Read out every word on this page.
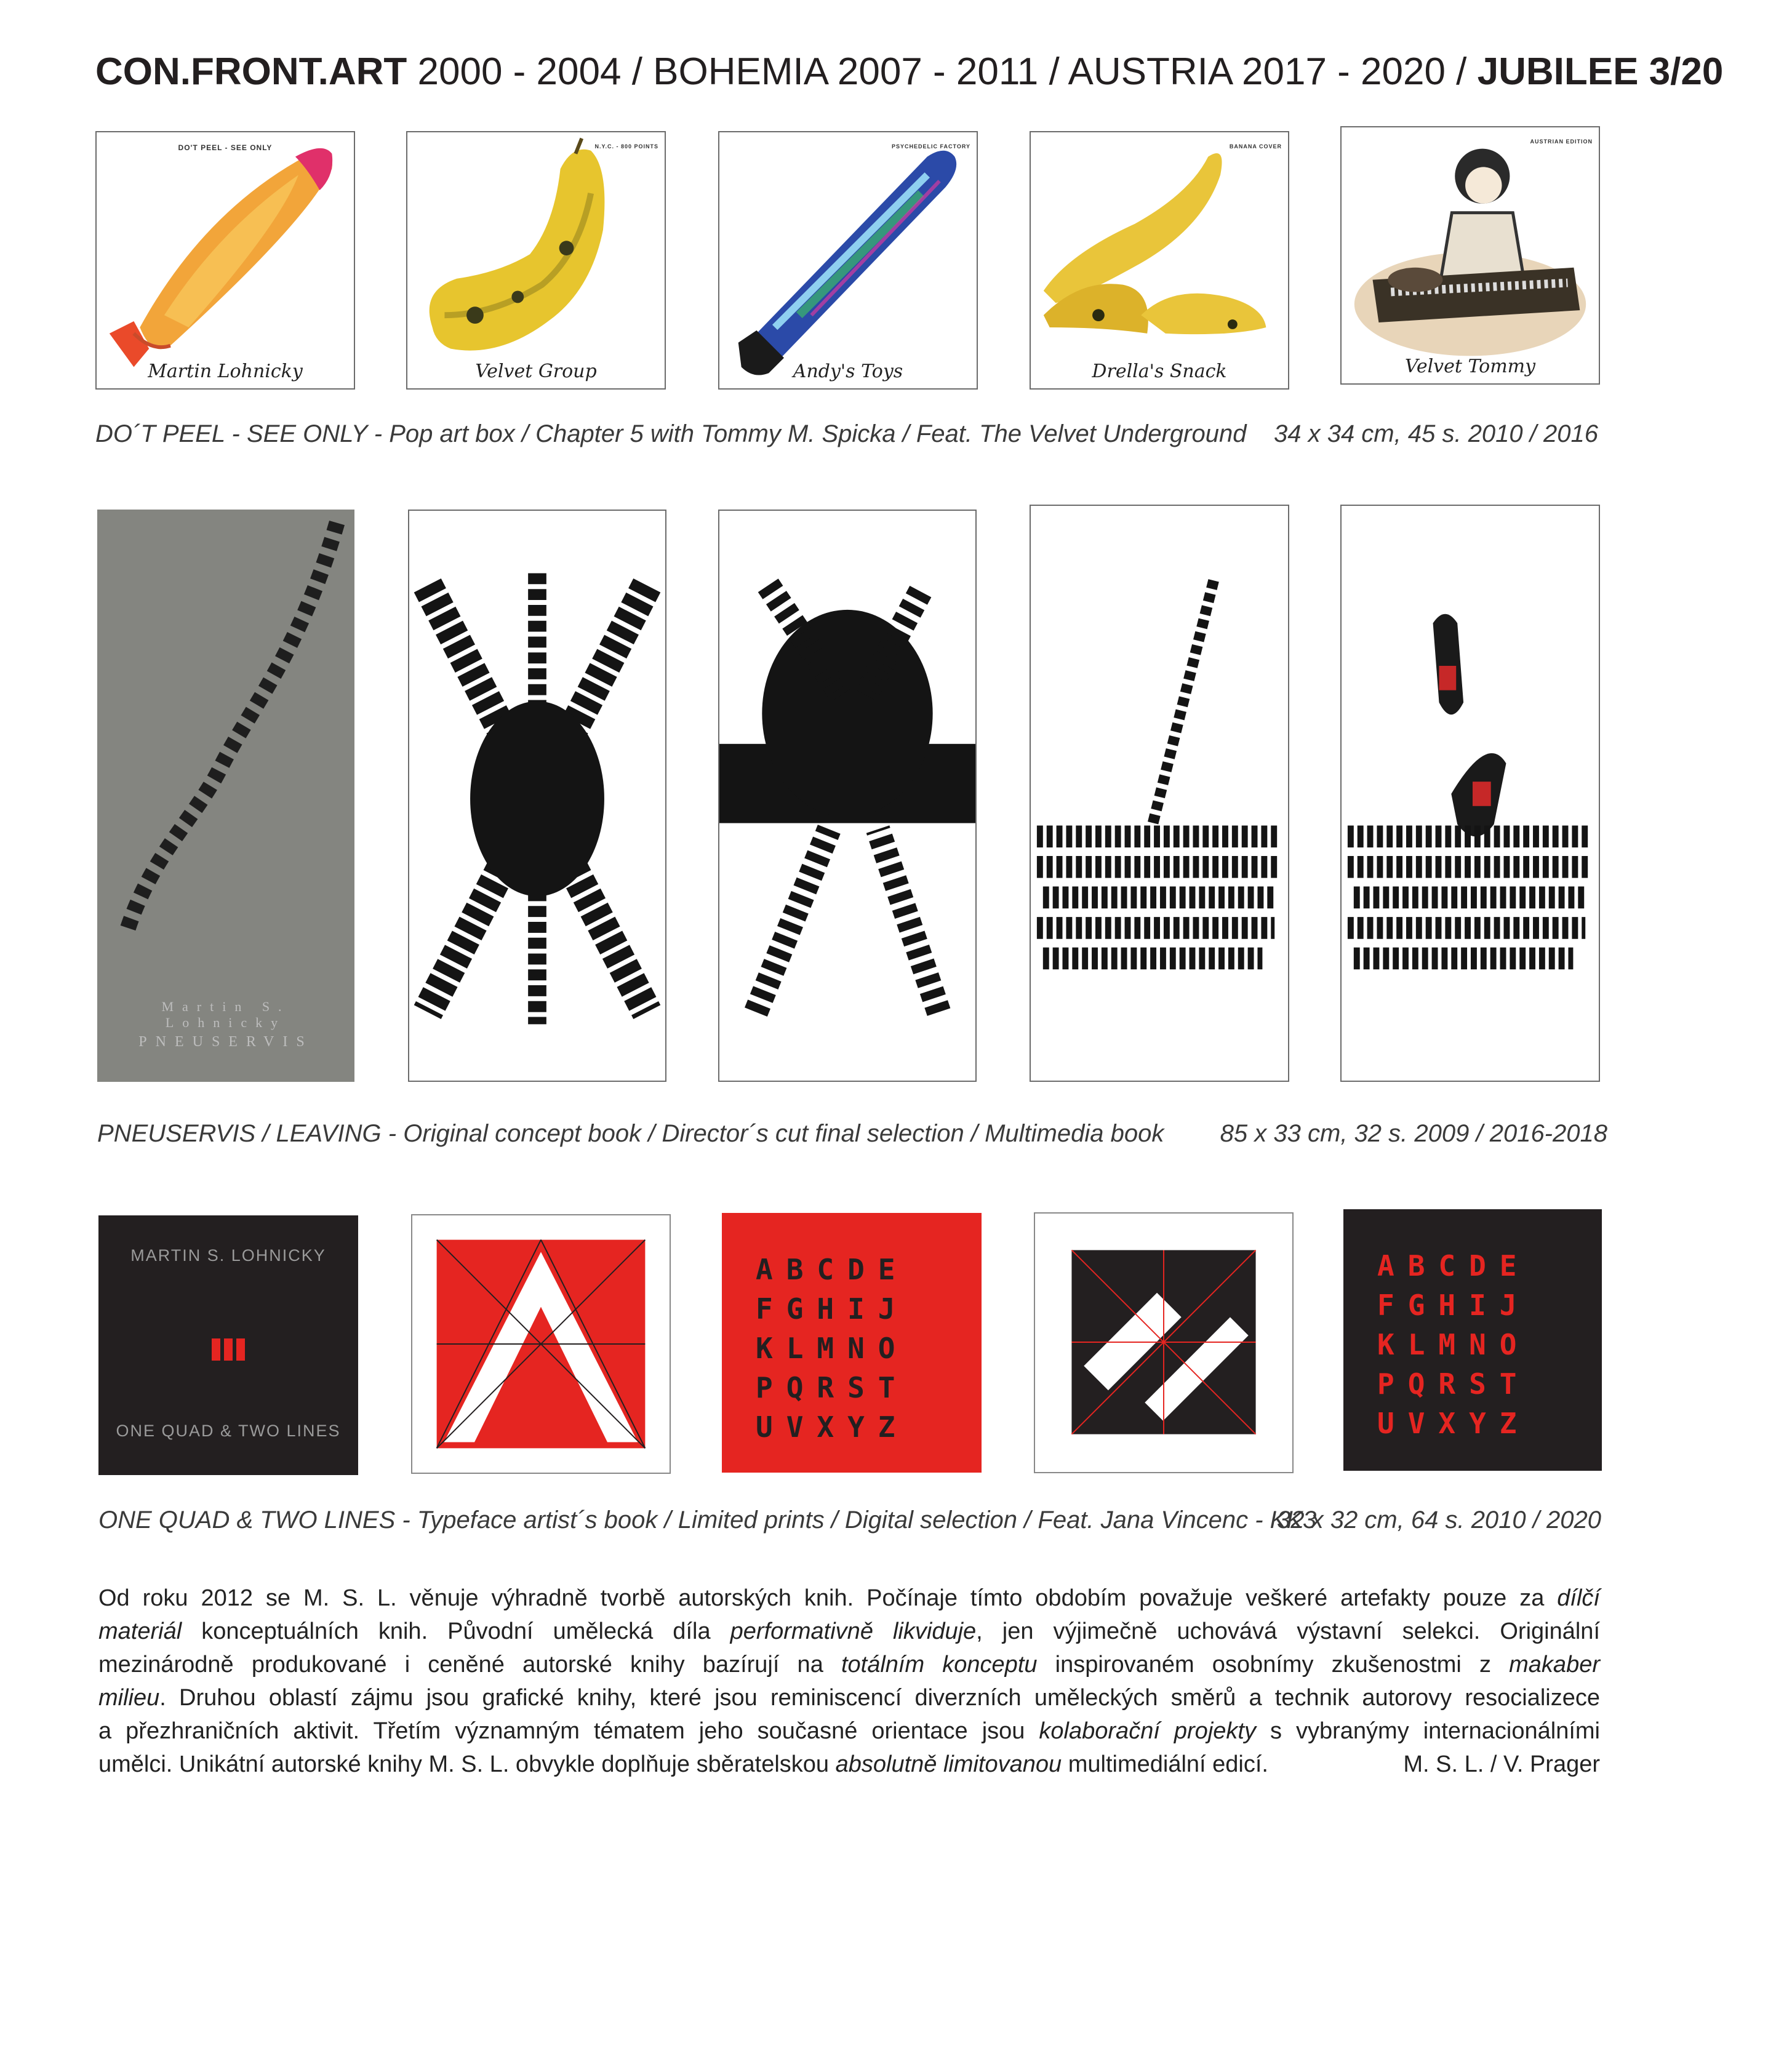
CON.FRONT.ART 2000 - 2004 / BOHEMIA 2007 - 2011 / AUSTRIA 2017 - 2020 / JUBILEE 3/20
DO'T PEEL - SEE ONLY
Martin Lohnicky
N.Y.C. - 800 POINTS
Velvet Group
PSYCHEDELIC FACTORY
Andy's Toys
BANANA COVER
Drella's Snack
AUSTRIAN EDITION
Velvet Tommy
DO´T PEEL - SEE ONLY - Pop art box / Chapter 5 with Tommy M. Spicka / Feat. The Velvet Underground 34 x 34 cm, 45 s. 2010 / 2016
Martin S. Lohnicky
PNEUSERVIS
PNEUSERVIS / LEAVING - Original concept book / Director´s cut final selection / Multimedia book 85 x 33 cm, 32 s. 2009 / 2016-2018
MARTIN S. LOHNICKY
ONE QUAD & TWO LINES
ABCDE
FGHIJ
KLMNO
PQRST
UVXYZ
ABCDE
FGHIJ
KLMNO
PQRST
UVXYZ
ONE QUAD & TWO LINES - Typeface artist´s book / Limited prints / Digital selection / Feat. Jana Vincenc - KK3
32 x 32 cm, 64 s. 2010 / 2020
Od roku 2012 se M. S. L. věnuje výhradně tvorbě autorských knih. Počínaje tímto obdobím považuje veškeré artefakty pouze za dílčí
materiál konceptuálních knih. Původní umělecká díla performativně likviduje, jen výjimečně uchovává výstavní selekci. Originální
mezinárodně produkované i ceněné autorské knihy bazírují na totálním konceptu inspirovaném osobnímy zkušenostmi z makaber
milieu. Druhou oblastí zájmu jsou grafické knihy, které jsou reminiscencí diverzních uměleckých směrů a technik autorovy resocializece
a přezhraničních aktivit. Třetím významným tématem jeho současné orientace jsou kolaborační projekty s vybranýmy internacionálními
umělci. Unikátní autorské knihy M. S. L. obvykle doplňuje sběratelskou absolutně limitovanou multimediální edicí.	M. S. L. / V. Prager
